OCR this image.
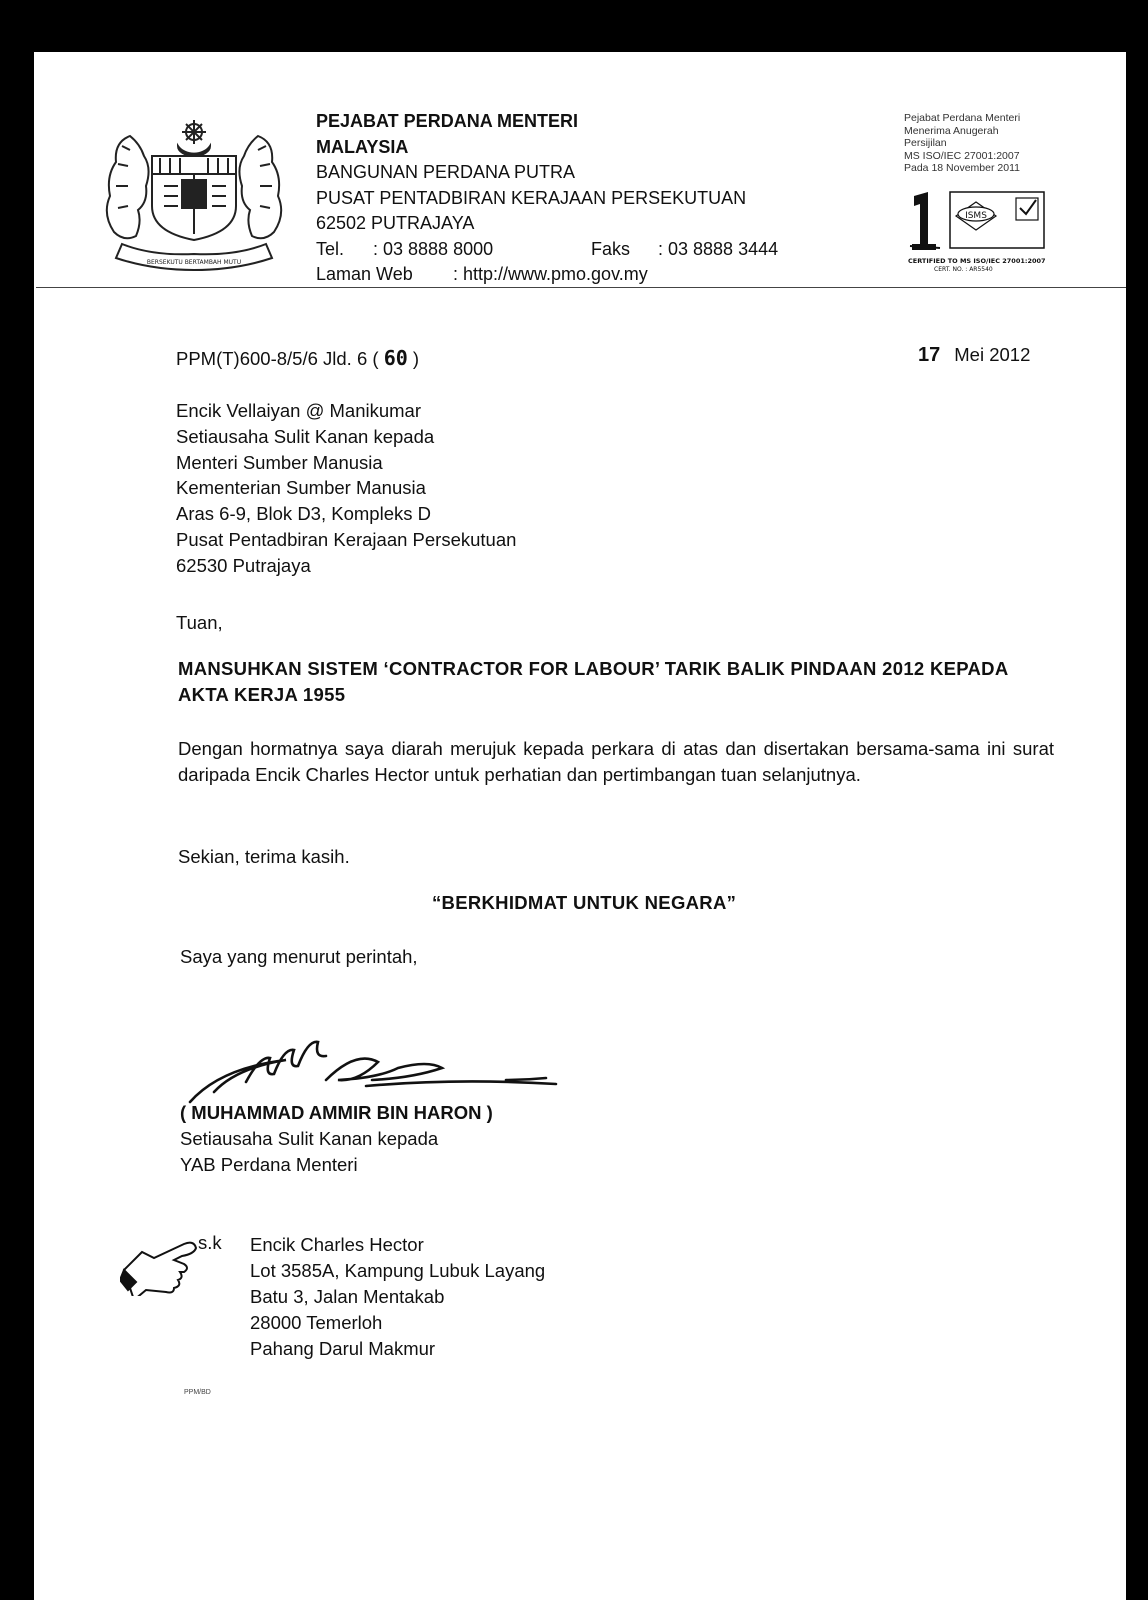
BERSEKUTU BERTAMBAH MUTU
PEJABAT PERDANA MENTERI
MALAYSIA
BANGUNAN PERDANA PUTRA
PUSAT PENTADBIRAN KERAJAAN PERSEKUTUAN
62502 PUTRAJAYA
Tel. : 03 8888 8000	Faks : 03 8888 3444
Laman Web : http://www.pmo.gov.my
Pejabat Perdana Menteri
Menerima Anugerah
Persijilan
MS ISO/IEC 27001:2007
Pada 18 November 2011
ISMS
CERTIFIED TO MS ISO/IEC 27001:2007
CERT. NO. : AR5540
PPM(T)600-8/5/6 Jld. 6 ( 60 )	17 Mei 2012
Encik Vellaiyan @ Manikumar
Setiausaha Sulit Kanan kepada
Menteri Sumber Manusia
Kementerian Sumber Manusia
Aras 6-9, Blok D3, Kompleks D
Pusat Pentadbiran Kerajaan Persekutuan
62530 Putrajaya
Tuan,
MANSUHKAN SISTEM ‘CONTRACTOR FOR LABOUR’ TARIK BALIK PINDAAN 2012 KEPADA AKTA KERJA 1955
Dengan hormatnya saya diarah merujuk kepada perkara di atas dan disertakan bersama-sama ini surat daripada Encik Charles Hector untuk perhatian dan pertimbangan tuan selanjutnya.
Sekian, terima kasih.
“BERKHIDMAT UNTUK NEGARA”
Saya yang menurut perintah,
( MUHAMMAD AMMIR BIN HARON )
Setiausaha Sulit Kanan kepada
YAB Perdana Menteri
s.k Encik Charles Hector
Lot 3585A, Kampung Lubuk Layang
Batu 3, Jalan Mentakab
28000 Temerloh
Pahang Darul Makmur
PPM/BD
